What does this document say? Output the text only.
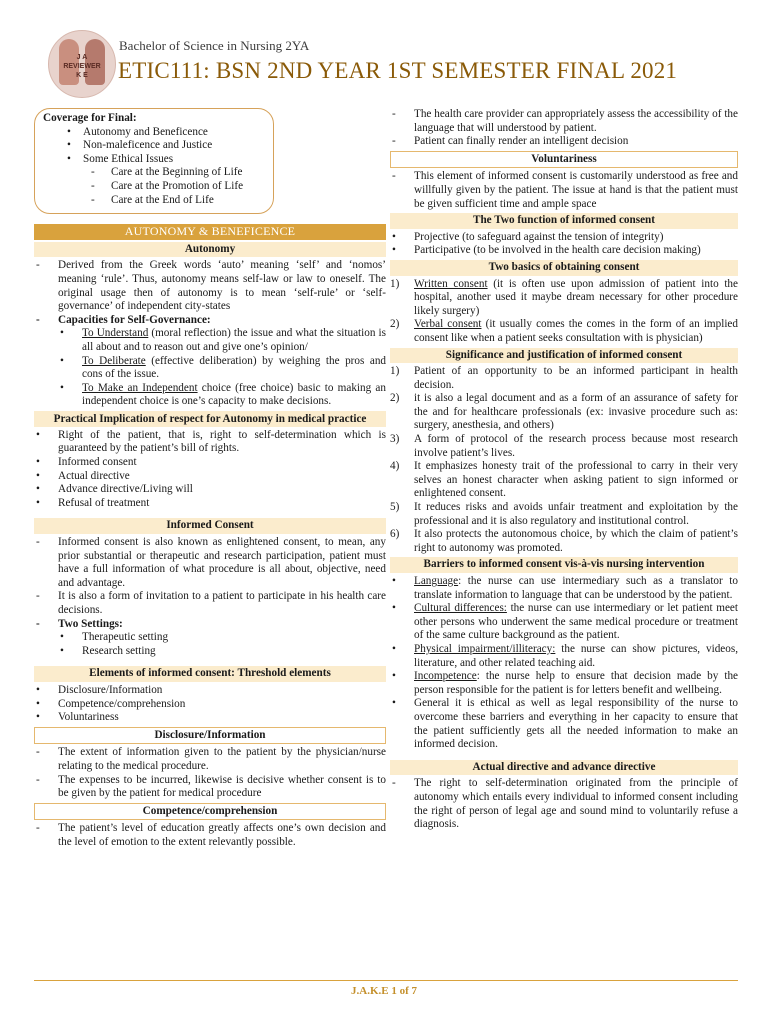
J A
REVIEWER
K E
Bachelor of Science in Nursing 2YA
ETIC111: BSN 2ND YEAR 1ST SEMESTER FINAL 2021
Coverage for Final:
•	Autonomy and Beneficence
•	Non-maleficence and Justice
•	Some Ethical Issues
-	Care at the Beginning of Life
-	Care at the Promotion of Life
-	Care at the End of Life
AUTONOMY & BENEFICENCE
Autonomy
-	Derived from the Greek words ‘auto’ meaning ‘self’ and ‘nomos’ meaning ‘rule’. Thus, autonomy means self-law or law to oneself. The original usage then of autonomy is to mean ‘self-rule’ or ‘self-governance’ of independent city-states
-	Capacities for Self-Governance:
•	To Understand (moral reflection) the issue and what the situation is all about and to reason out and give one’s opinion/
•	To Deliberate (effective deliberation) by weighing the pros and cons of the issue.
•	To Make an Independent choice (free choice) basic to making an independent choice is one’s capacity to make decisions.
Practical Implication of respect for Autonomy in medical practice
•	Right of the patient, that is, right to self-determination which is guaranteed by the patient’s bill of rights.
•	Informed consent
•	Actual directive
•	Advance directive/Living will
•	Refusal of treatment
Informed Consent
-	Informed consent is also known as enlightened consent, to mean, any prior substantial or therapeutic and research participation, patient must have a full information of what procedure is all about, objective, need and advantage.
-	It is also a form of invitation to a patient to participate in his health care decisions.
-	Two Settings:
•	Therapeutic setting
•	Research setting
Elements of informed consent: Threshold elements
•	Disclosure/Information
•	Competence/comprehension
•	Voluntariness
Disclosure/Information
-	The extent of information given to the patient by the physician/nurse relating to the medical procedure.
-	The expenses to be incurred, likewise is decisive whether consent is to be given by the patient for medical procedure
Competence/comprehension
-	The patient’s level of education greatly affects one’s own decision and the level of emotion to the extent relevantly possible.
-	The health care provider can appropriately assess the accessibility of the language that will understood by patient.
-	Patient can finally render an intelligent decision
Voluntariness
-	This element of informed consent is customarily understood as free and willfully given by the patient. The issue at hand is that the patient must be given sufficient time and ample space
The Two function of informed consent
•	Projective (to safeguard against the tension of integrity)
•	Participative (to be involved in the health care decision making)
Two basics of obtaining consent
1)	Written consent (it is often use upon admission of patient into the hospital, another used it maybe dream necessary for other procedure likely surgery)
2)	Verbal consent (it usually comes the comes in the form of an implied consent like when a patient seeks consultation with is physician)
Significance and justification of informed consent
1)	Patient of an opportunity to be an informed participant in health decision.
2)	it is also a legal document and as a form of an assurance of safety for the and for healthcare professionals (ex: invasive procedure such as: surgery, anesthesia, and others)
3)	A form of protocol of the research process because most research involve patient’s lives.
4)	It emphasizes honesty trait of the professional to carry in their very selves an honest character when asking patient to sign informed or enlightened consent.
5)	It reduces risks and avoids unfair treatment and exploitation by the professional and it is also regulatory and institutional control.
6)	It also protects the autonomous choice, by which the claim of patient’s right to autonomy was promoted.
Barriers to informed consent vis-à-vis nursing intervention
•	Language: the nurse can use intermediary such as a translator to translate information to language that can be understood by the patient.
•	Cultural differences: the nurse can use intermediary or let patient meet other persons who underwent the same medical procedure or treatment of the same culture background as the patient.
•	Physical impairment/illiteracy: the nurse can show pictures, videos, literature, and other related teaching aid.
•	Incompetence: the nurse help to ensure that decision made by the person responsible for the patient is for letters benefit and wellbeing.
•	General it is ethical as well as legal responsibility of the nurse to overcome these barriers and everything in her capacity to ensure that the patient sufficiently gets all the needed information to make an informed decision.
Actual directive and advance directive
-	The right to self-determination originated from the principle of autonomy which entails every individual to informed consent including the right of person of legal age and sound mind to voluntarily refuse a diagnosis.
J.A.K.E 1 of 7
